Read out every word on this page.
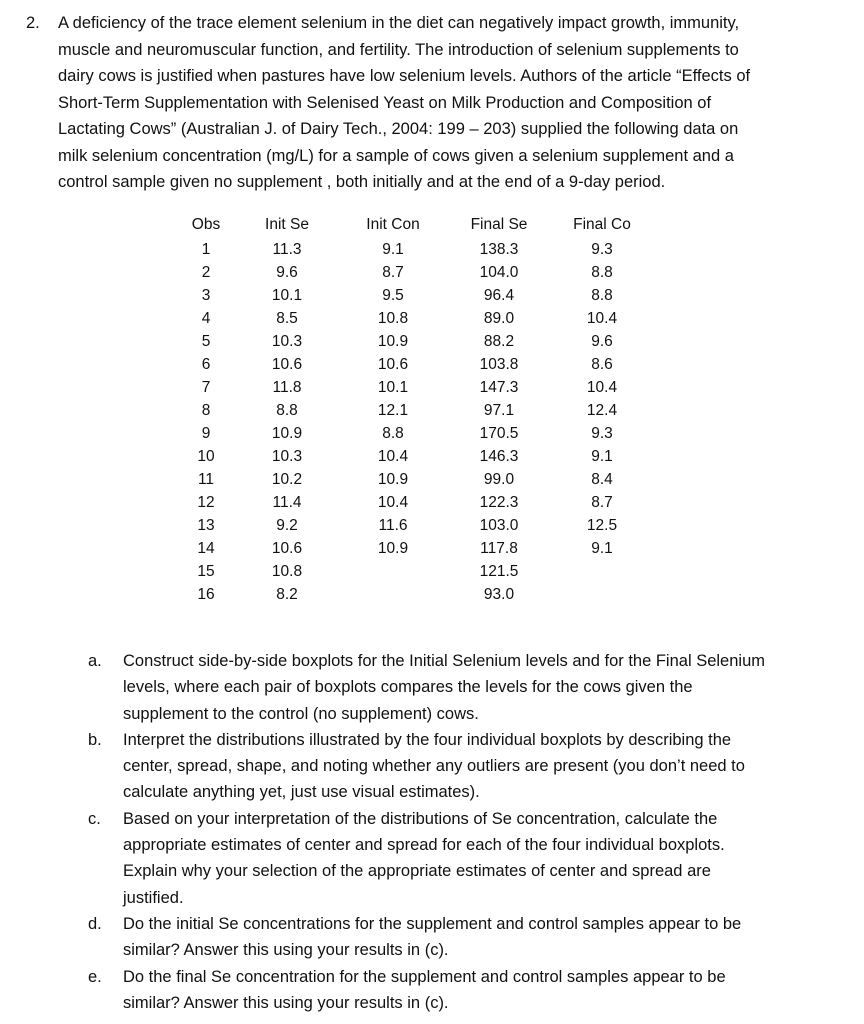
2. A deficiency of the trace element selenium in the diet can negatively impact growth, immunity,
muscle and neuromuscular function, and fertility. The introduction of selenium supplements to
dairy cows is justified when pastures have low selenium levels. Authors of the article “Effects of
Short-Term Supplementation with Selenised Yeast on Milk Production and Composition of
Lactating Cows” (Australian J. of Dairy Tech., 2004: 199 – 203) supplied the following data on
milk selenium concentration (mg/L) for a sample of cows given a selenium supplement and a
control sample given no supplement , both initially and at the end of a 9-day period.
Obs	Init Se	Init Con	Final Se	Final Co
1	11.3	9.1	138.3	9.3
2	9.6	8.7	104.0	8.8
3	10.1	9.5	96.4	8.8
4	8.5	10.8	89.0	10.4
5	10.3	10.9	88.2	9.6
6	10.6	10.6	103.8	8.6
7	11.8	10.1	147.3	10.4
8	8.8	12.1	97.1	12.4
9	10.9	8.8	170.5	9.3
10	10.3	10.4	146.3	9.1
11	10.2	10.9	99.0	8.4
12	11.4	10.4	122.3	8.7
13	9.2	11.6	103.0	12.5
14	10.6	10.9	117.8	9.1
15	10.8		121.5	
16	8.2		93.0	
a. Construct side-by-side boxplots for the Initial Selenium levels and for the Final Selenium
levels, where each pair of boxplots compares the levels for the cows given the
supplement to the control (no supplement) cows.
b. Interpret the distributions illustrated by the four individual boxplots by describing the
center, spread, shape, and noting whether any outliers are present (you don’t need to
calculate anything yet, just use visual estimates).
c. Based on your interpretation of the distributions of Se concentration, calculate the
appropriate estimates of center and spread for each of the four individual boxplots.
Explain why your selection of the appropriate estimates of center and spread are
justified.
d. Do the initial Se concentrations for the supplement and control samples appear to be
similar? Answer this using your results in (c).
e. Do the final Se concentration for the supplement and control samples appear to be
similar? Answer this using your results in (c).
